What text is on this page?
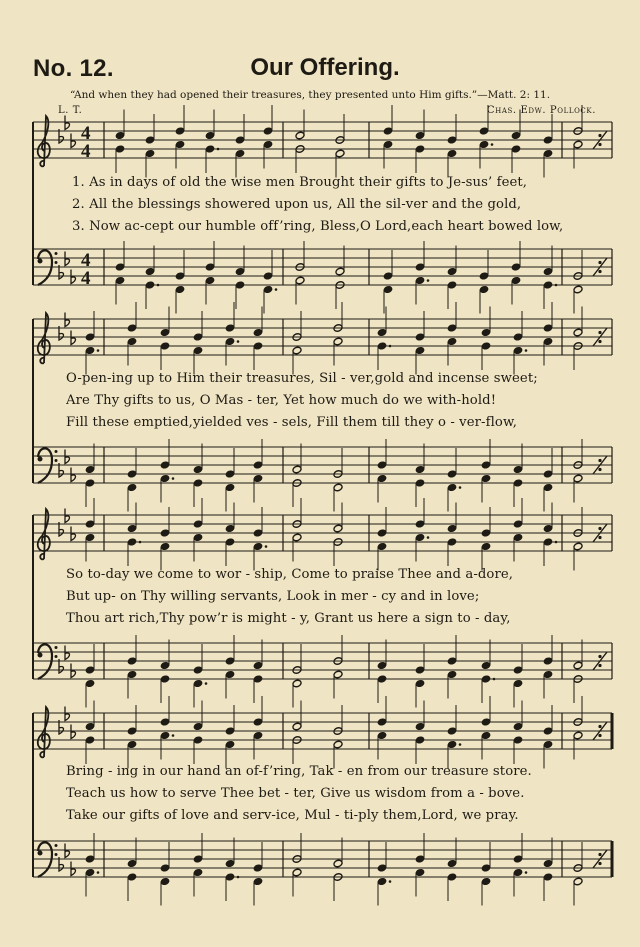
No. 12.	Our Offering.
“And when they had opened their treasures, they presented unto Him gifts.”—Matt. 2: 11.
L. T.	Chas. Edw. Pollock.
4
4
4
4
1. As in days of old the wise men Brought their gifts to Je-sus’ feet,
2. All the blessings showered upon us, All the sil-ver and the gold,
3. Now ac-cept our humble off’ring, Bless,O Lord,each heart bowed low,
O-pen-ing up to Him their treasures, Sil - ver,gold and incense sweet;
Are Thy gifts to us, O Mas - ter, Yet how much do we with-hold!
Fill these emptied,yielded ves - sels, Fill them till they o - ver-flow,
So to-day we come to wor - ship, Come to praise Thee and a-dore,
But up- on Thy willing servants, Look in mer - cy and in love;
Thou art rich,Thy pow’r is might - y, Grant us here a sign to - day,
Bring - ing in our hand an of-f’ring, Tak - en from our treasure store.
Teach us how to serve Thee bet - ter, Give us wisdom from a - bove.
Take our gifts of love and serv-ice, Mul - ti-ply them,Lord, we pray.
